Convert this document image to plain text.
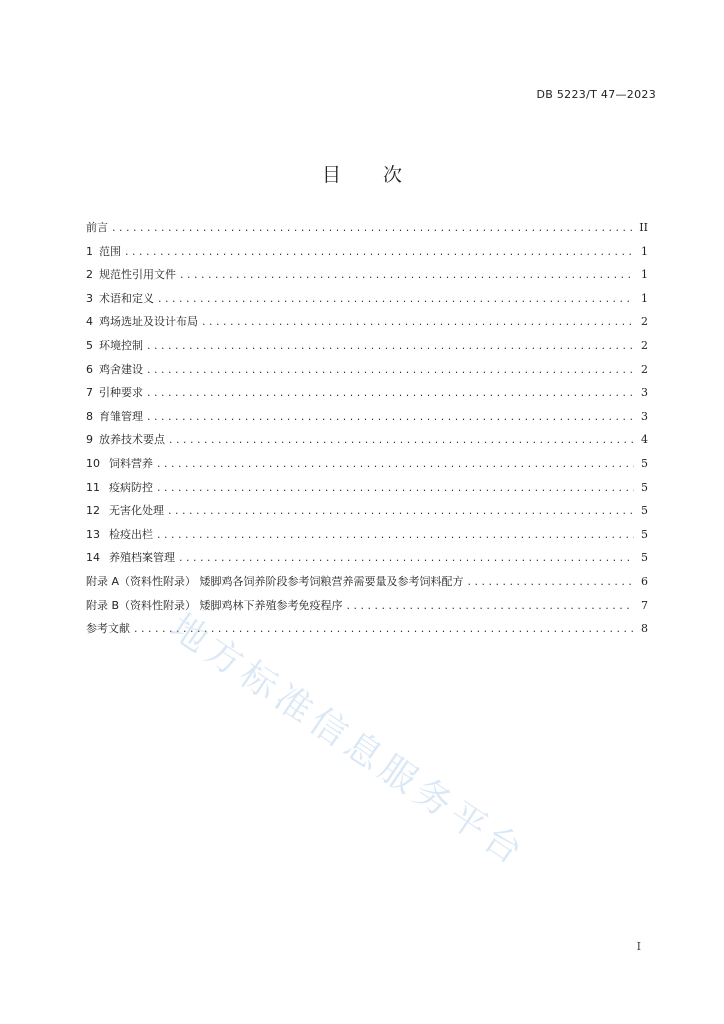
DB 5223/T 47—2023
目 次
前言 . . .	II
1 范围 . . .	1
2 规范性引用文件 . . .	1
3 术语和定义 . . .	1
4 鸡场选址及设计布局 . . .	2
5 环境控制 . . .	2
6 鸡舍建设 . . .	2
7 引种要求 . . .	3
8 育雏管理 . . .	3
9 放养技术要点 . . .	4
10 饲料营养 . . .	5
11 疫病防控 . . .	5
12 无害化处理 . . .	5
13 检疫出栏 . . .	5
14 养殖档案管理 . . .	5
附录 A（资料性附录） 矮脚鸡各饲养阶段参考饲粮营养需要量及参考饲料配方 . . .	6
附录 B（资料性附录） 矮脚鸡林下养殖参考免疫程序 . . .	7
参考文献 . . .	8
地方标准信息服务平台
I
